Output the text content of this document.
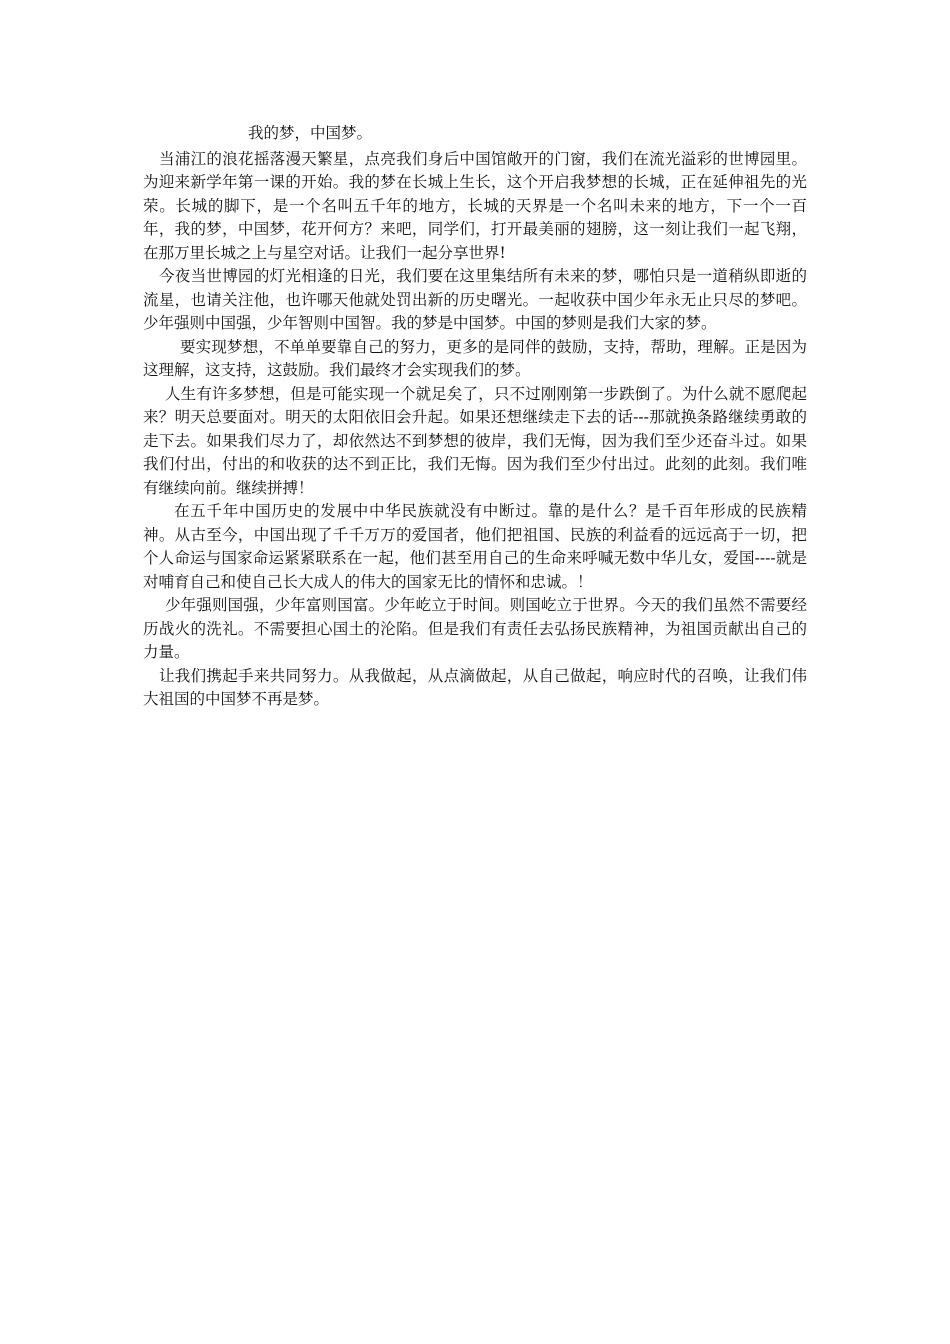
我的梦，中国梦。

当浦江的浪花摇落漫天繁星，点亮我们身后中国馆敞开的门窗，我们在流光溢彩的世博园里。为迎来新学年第一课的开始。我的梦在长城上生长，这个开启我梦想的长城，正在延伸祖先的光荣。长城的脚下，是一个名叫五千年的地方，长城的天界是一个名叫未来的地方，下一个一百年，我的梦，中国梦，花开何方？来吧，同学们，打开最美丽的翅膀，这一刻让我们一起飞翔，在那万里长城之上与星空对话。让我们一起分享世界!

今夜当世博园的灯光相逢的日光，我们要在这里集结所有未来的梦，哪怕只是一道稍纵即逝的流星，也请关注他，也许哪天他就处罚出新的历史曙光。一起收获中国少年永无止只尽的梦吧。少年强则中国强，少年智则中国智。我的梦是中国梦。中国的梦则是我们大家的梦。

要实现梦想，不单单要靠自己的努力，更多的是同伴的鼓励，支持，帮助，理解。正是因为这理解，这支持，这鼓励。我们最终才会实现我们的梦。

人生有许多梦想，但是可能实现一个就足矣了，只不过刚刚第一步跌倒了。为什么就不愿爬起来？明天总要面对。明天的太阳依旧会升起。如果还想继续走下去的话---那就换条路继续勇敢的走下去。如果我们尽力了，却依然达不到梦想的彼岸，我们无悔，因为我们至少还奋斗过。如果我们付出，付出的和收获的达不到正比，我们无悔。因为我们至少付出过。此刻的此刻。我们唯有继续向前。继续拼搏！

在五千年中国历史的发展中中华民族就没有中断过。靠的是什么？是千百年形成的民族精神。从古至今，中国出现了千千万万的爱国者，他们把祖国、民族的利益看的远远高于一切，把个人命运与国家命运紧紧联系在一起，他们甚至用自己的生命来呼喊无数中华儿女，爱国----就是对哺育自己和使自己长大成人的伟大的国家无比的情怀和忠诚。！

少年强则国强，少年富则国富。少年屹立于时间。则国屹立于世界。今天的我们虽然不需要经历战火的洗礼。不需要担心国土的沦陷。但是我们有责任去弘扬民族精神，为祖国贡献出自己的力量。

让我们携起手来共同努力。从我做起，从点滴做起，从自己做起，响应时代的召唤，让我们伟大祖国的中国梦不再是梦。
